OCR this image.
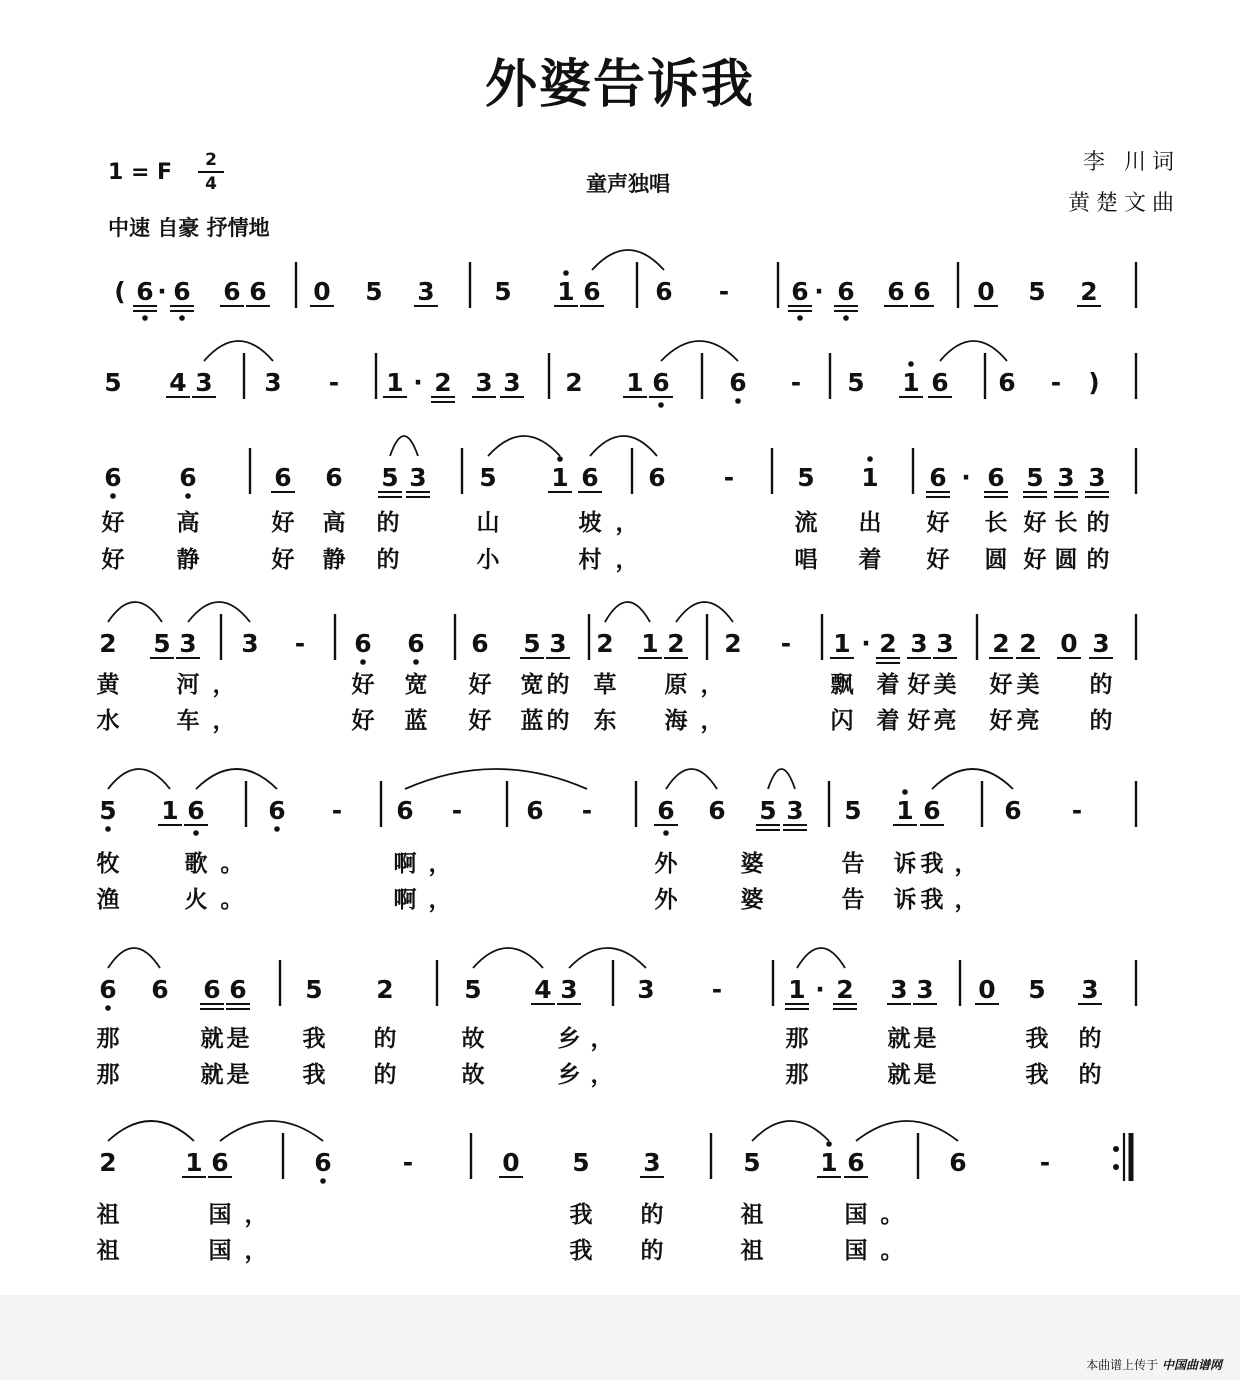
外婆告诉我
1 = F	2
4	童声独唱
中速 自豪 抒情地
李 川词
黄楚文曲
( 6 · 6 6 6 0 5 3 5 1 6 6 - 6 · 6 6 6 0 5 2
5 4 3 3 - 1 · 2 3 3 2 1 6 6 - 5 1 6 6 - )
6 6	6 6 5 3 5 1 6 6 -	5 1 6 · 6 5 3 3
好 高	好 高 的	山	坡 ，	流 出 好 长 好 长 的
好 静	好 静 的	小	村 ，	唱 着 好 圆 好 圆 的
2 5 3 3 - 6 6 6 5 3 2 1 2 2 - 1 · 2 3 3 2 2 0 3
黄 河 ，	好 宽 好 宽 的 草 原 ，	飘 着 好 美 好 美 的
水 车 ，	好 蓝 好 蓝 的 东 海 ，	闪 着 好 亮 好 亮 的
5 1 6	6 - 6 -	6 -	6 6 5 3 5 1 6	6 -
牧	歌 。	啊 ，	外	婆	告 诉 我 ，
渔	火 。	啊 ，	外	婆	告 诉 我 ，
6 6 6 6 5 2	5 4 3 3 -	1 · 2 3 3 0 5 3
那	就 是 我 的	故	乡 ，	那	就 是	我 的
那	就 是 我 的	故	乡 ，	那	就 是	我 的
2	1 6	6	-	0 5 3	5 1 6	6	-
祖	国 ，	我 的	祖	国 。
祖	国 ，	我 的	祖	国 。
本曲谱上传于 中国曲谱网
